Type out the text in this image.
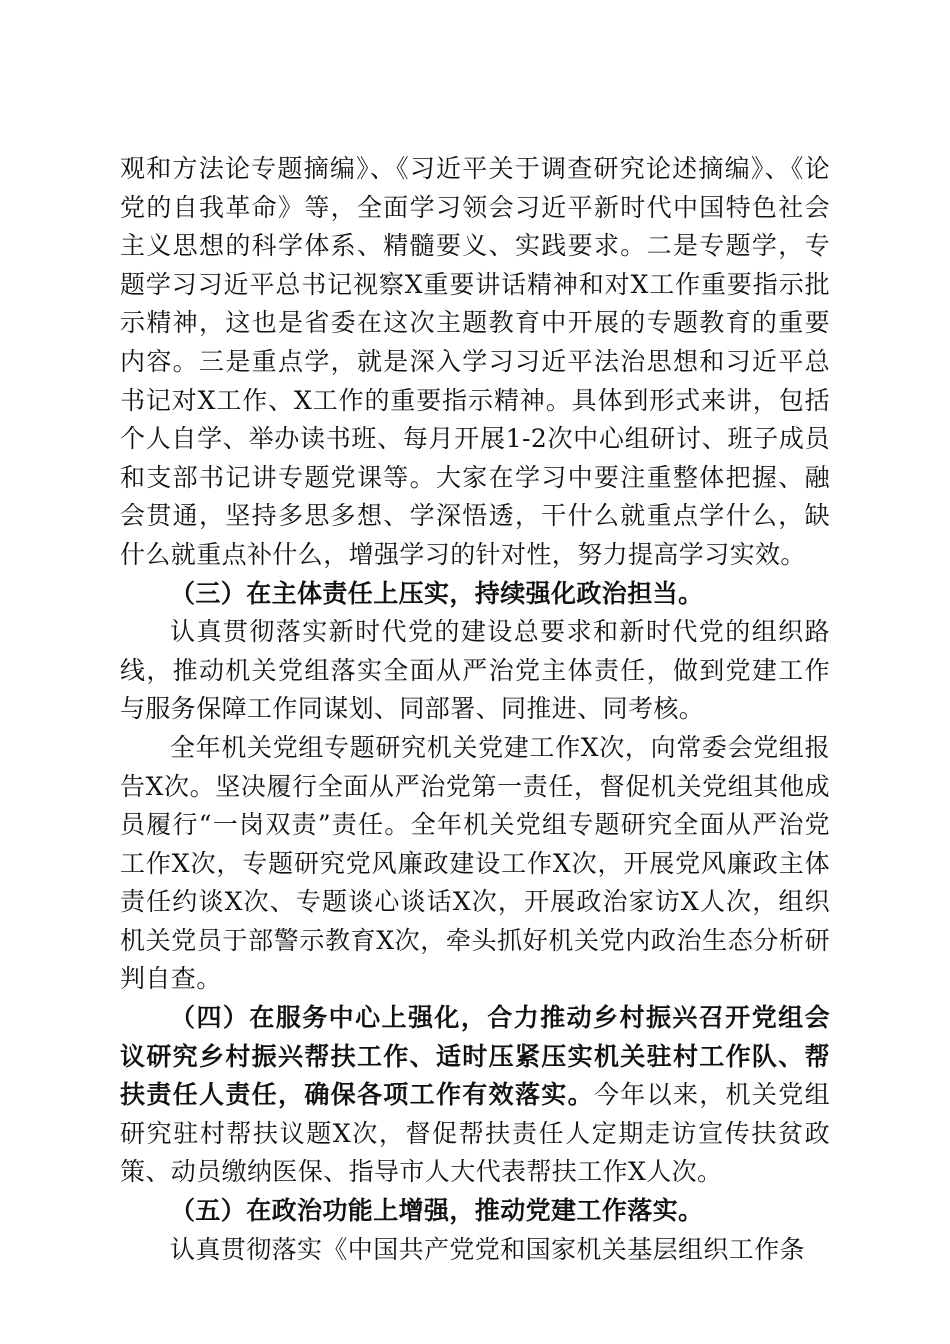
观和方法论专题摘编》、《习近平关于调查研究论述摘编》、《论党的自我革命》等，全面学习领会习近平新时代中国特色社会主义思想的科学体系、精髓要义、实践要求。二是专题学，专题学习习近平总书记视察X重要讲话精神和对X工作重要指示批示精神，这也是省委在这次主题教育中开展的专题教育的重要内容。三是重点学，就是深入学习习近平法治思想和习近平总书记对X工作、X工作的重要指示精神。具体到形式来讲，包括个人自学、举办读书班、每月开展1-2次中心组研讨、班子成员和支部书记讲专题党课等。大家在学习中要注重整体把握、融会贯通，坚持多思多想、学深悟透，干什么就重点学什么，缺什么就重点补什么，增强学习的针对性，努力提高学习实效。

（三）在主体责任上压实，持续强化政治担当。

认真贯彻落实新时代党的建设总要求和新时代党的组织路线，推动机关党组落实全面从严治党主体责任，做到党建工作与服务保障工作同谋划、同部署、同推进、同考核。

全年机关党组专题研究机关党建工作X次，向常委会党组报告X次。坚决履行全面从严治党第一责任，督促机关党组其他成员履行“一岗双责”责任。全年机关党组专题研究全面从严治党工作X次，专题研究党风廉政建设工作X次，开展党风廉政主体责任约谈X次、专题谈心谈话X次，开展政治家访X人次，组织机关党员于部警示教育X次，牵头抓好机关党内政治生态分析研判自查。

（四）在服务中心上强化，合力推动乡村振兴召开党组会议研究乡村振兴帮扶工作、适时压紧压实机关驻村工作队、帮扶责任人责任，确保各项工作有效落实。今年以来，机关党组研究驻村帮扶议题X次，督促帮扶责任人定期走访宣传扶贫政策、动员缴纳医保、指导市人大代表帮扶工作X人次。

（五）在政治功能上增强，推动党建工作落实。

认真贯彻落实《中国共产党党和国家机关基层组织工作条
